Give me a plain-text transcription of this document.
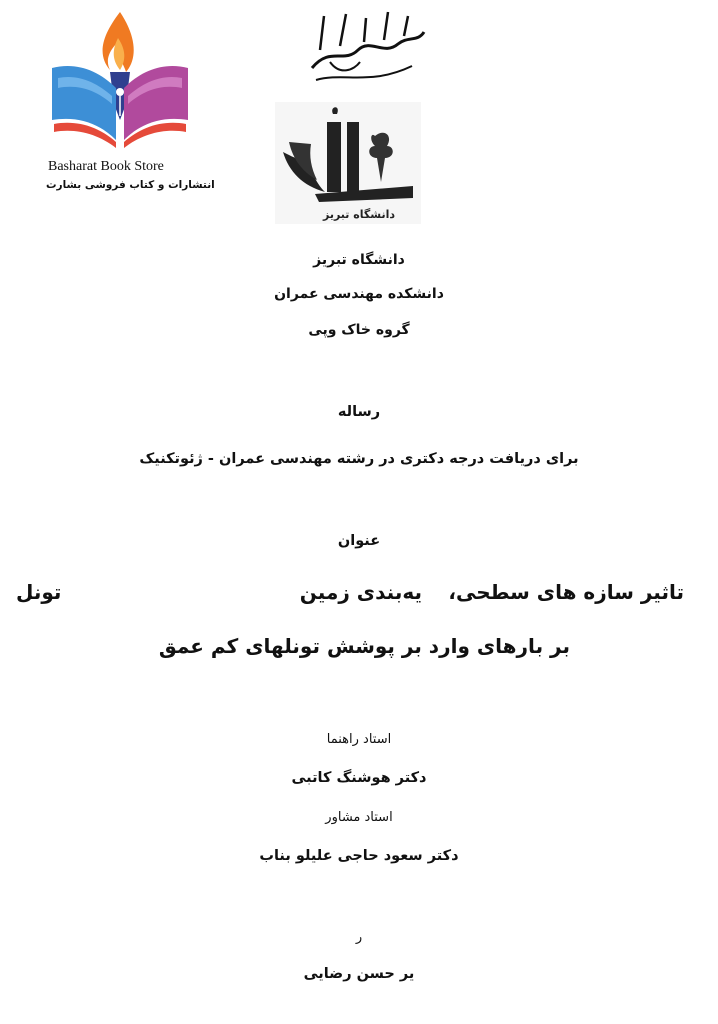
Basharat Book Store
انتشارات و کتاب فروشی بشارت
دانشگاه تبریز
دانشگاه تبریز
دانشکده مهندسی عمران
گروه خاک وپی
رساله
برای دریافت درجه دکتری در رشته مهندسی عمران - ژئوتکنیک
عنوان
تاثیر سازه های سطحی،
یه‌بندی زمین
تونل
بر بارهای وارد بر پوشش تونلهای کم عمق
استاد راهنما
دکتر هوشنگ کاتبی
استاد مشاور
دکتر سعود حاجی علیلو بناب
ر
یر حسن رضایی
